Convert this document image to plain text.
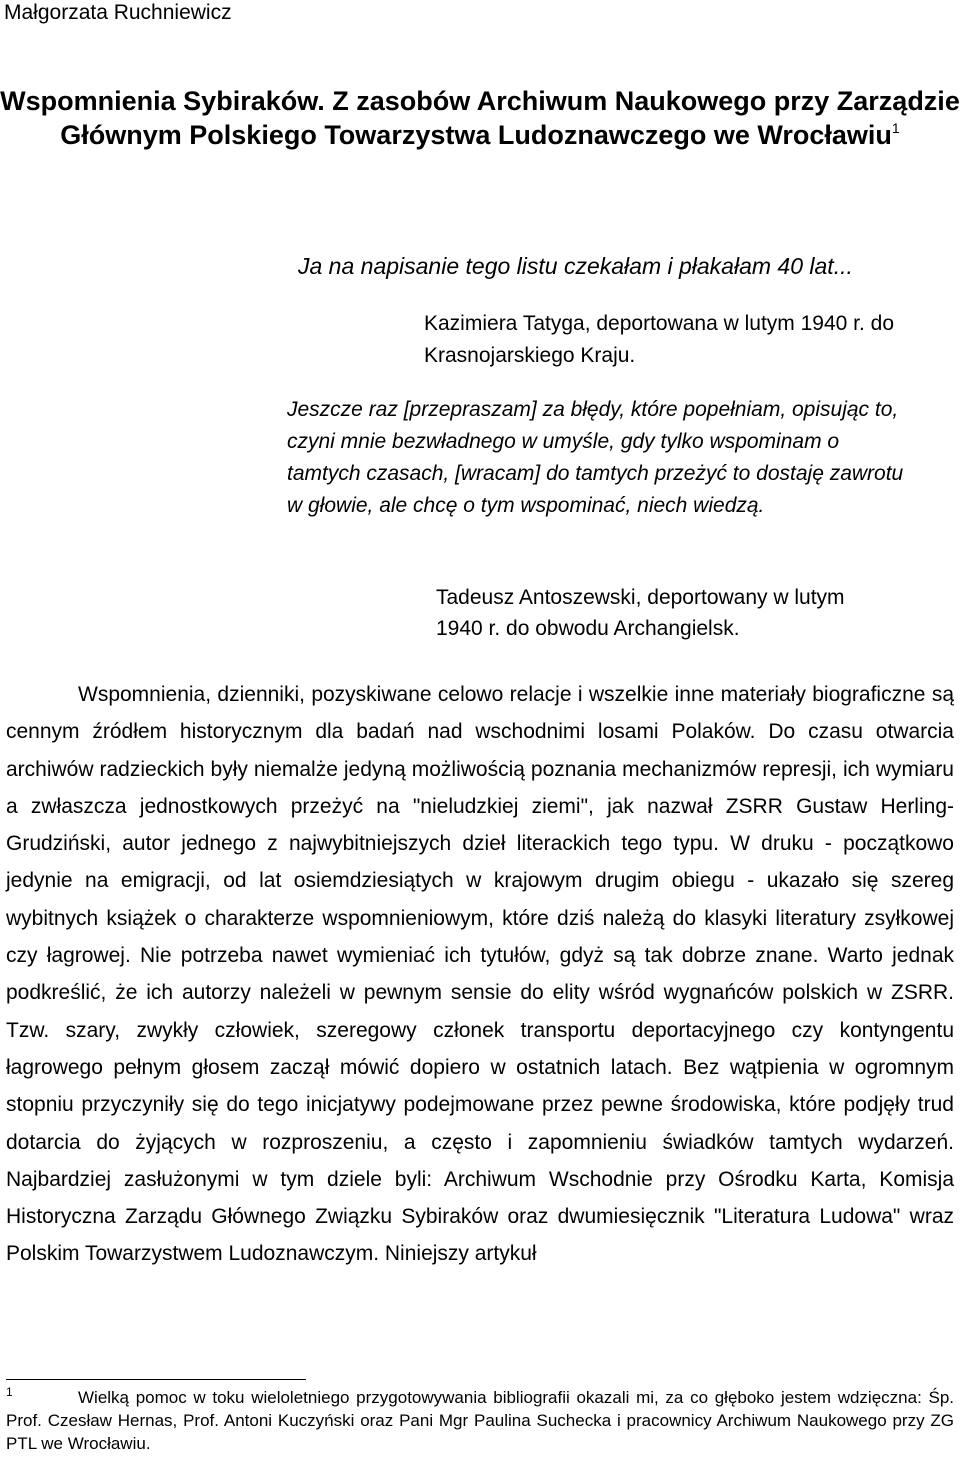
Małgorzata Ruchniewicz
Wspomnienia Sybiraków. Z zasobów Archiwum Naukowego przy Zarządzie Głównym Polskiego Towarzystwa Ludoznawczego we Wrocławiu$^1$
Ja na napisanie tego listu czekałam i płakałam 40 lat...
Kazimiera Tatyga, deportowana w lutym 1940 r. do Krasnojarskiego Kraju.
Jeszcze raz [przepraszam] za błędy, które popełniam, opisując to, czyni mnie bezwładnego w umyśle, gdy tylko wspominam o tamtych czasach, [wracam] do tamtych przeżyć to dostaję zawrotu w głowie, ale chcę o tym wspominać, niech wiedzą.
Tadeusz Antoszewski, deportowany w lutym 1940 r. do obwodu Archangielsk.

Wspomnienia, dzienniki, pozyskiwane celowo relacje i wszelkie inne materiały biograficzne są cennym źródłem historycznym dla badań nad wschodnimi losami Polaków. Do czasu otwarcia archiwów radzieckich były niemalże jedyną możliwością poznania mechanizmów represji, ich wymiaru a zwłaszcza jednostkowych przeżyć na "nieludzkiej ziemi", jak nazwał ZSRR Gustaw Herling-Grudziński, autor jednego z najwybitniejszych dzieł literackich tego typu. W druku - początkowo jedynie na emigracji, od lat osiemdziesiątych w krajowym drugim obiegu - ukazało się szereg wybitnych książek o charakterze wspomnieniowym, które dziś należą do klasyki literatury zsyłkowej czy łagrowej. Nie potrzeba nawet wymieniać ich tytułów, gdyż są tak dobrze znane. Warto jednak podkreślić, że ich autorzy należeli w pewnym sensie do elity wśród wygnańców polskich w ZSRR. Tzw. szary, zwykły człowiek, szeregowy członek transportu deportacyjnego czy kontyngentu łagrowego pełnym głosem zaczął mówić dopiero w ostatnich latach. Bez wątpienia w ogromnym stopniu przyczyniły się do tego inicjatywy podejmowane przez pewne środowiska, które podjęły trud dotarcia do żyjących w rozproszeniu, a często i zapomnieniu świadków tamtych wydarzeń. Najbardziej zasłużonymi w tym dziele byli: Archiwum Wschodnie przy Ośrodku Karta, Komisja Historyczna Zarządu Głównego Związku Sybiraków oraz dwumiesięcznik "Literatura Ludowa" wraz Polskim Towarzystwem Ludoznawczym. Niniejszy artykuł

1	Wielką pomoc w toku wieloletniego przygotowywania bibliografii okazali mi, za co głęboko jestem wdzięczna: Śp. Prof. Czesław Hernas, Prof. Antoni Kuczyński oraz Pani Mgr Paulina Suchecka i pracownicy Archiwum Naukowego przy ZG PTL we Wrocławiu.
